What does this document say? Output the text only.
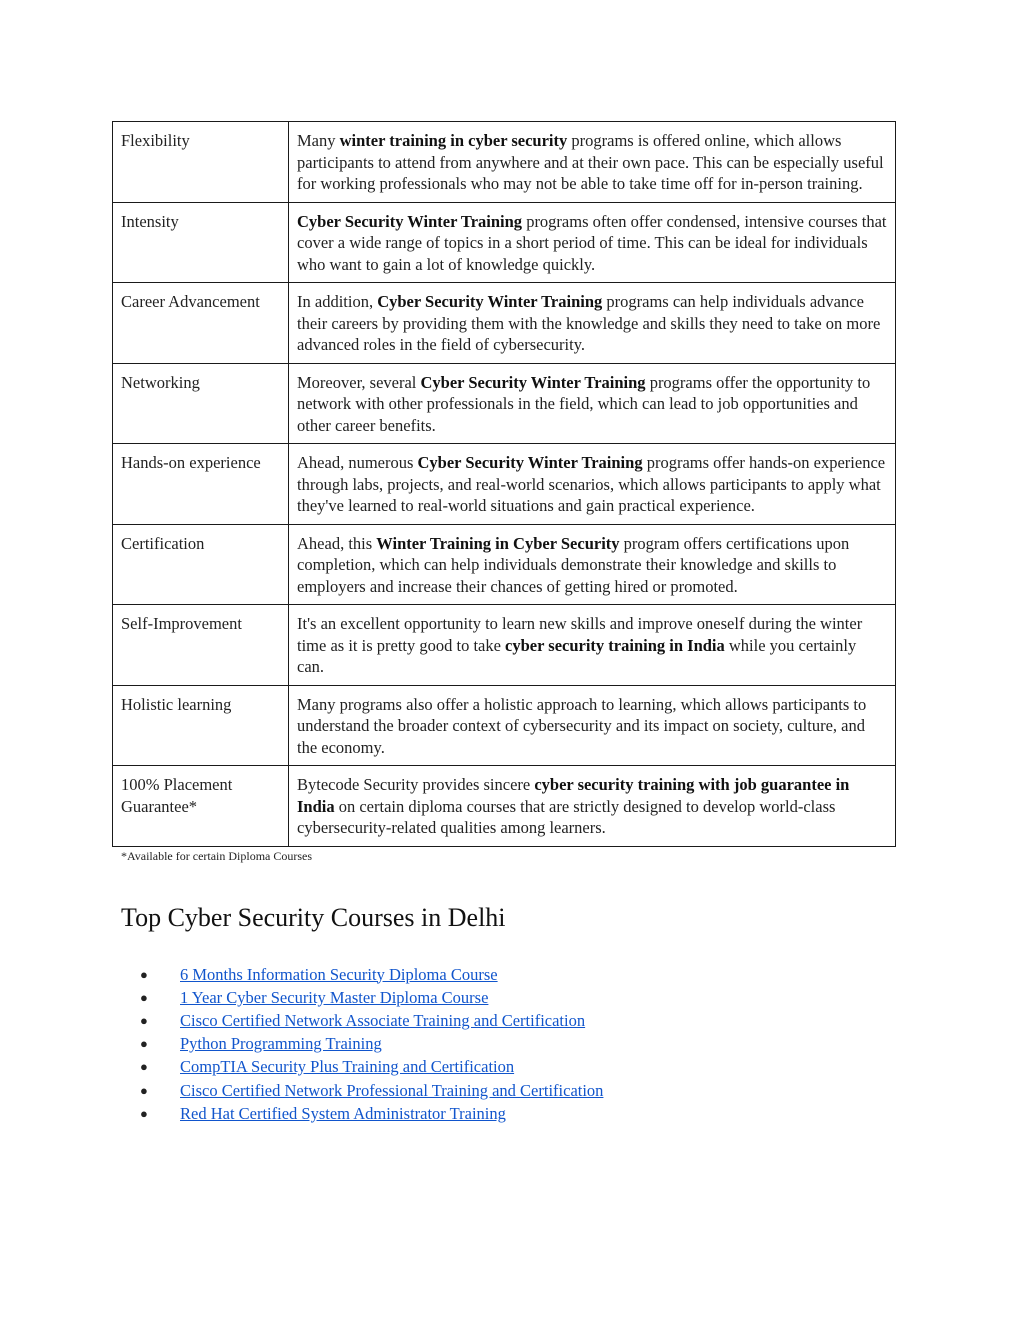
Flexibility	Many winter training in cyber security programs is offered online, which allows participants to attend from anywhere and at their own pace. This can be especially useful for working professionals who may not be able to take time off for in-person training.
Intensity	Cyber Security Winter Training programs often offer condensed, intensive courses that cover a wide range of topics in a short period of time. This can be ideal for individuals who want to gain a lot of knowledge quickly.
Career Advancement	In addition, Cyber Security Winter Training programs can help individuals advance their careers by providing them with the knowledge and skills they need to take on more advanced roles in the field of cybersecurity.
Networking	Moreover, several Cyber Security Winter Training programs offer the opportunity to network with other professionals in the field, which can lead to job opportunities and other career benefits.
Hands-on experience	Ahead, numerous Cyber Security Winter Training programs offer hands-on experience through labs, projects, and real-world scenarios, which allows participants to apply what they've learned to real-world situations and gain practical experience.
Certification	Ahead, this Winter Training in Cyber Security program offers certifications upon completion, which can help individuals demonstrate their knowledge and skills to employers and increase their chances of getting hired or promoted.
Self-Improvement	It's an excellent opportunity to learn new skills and improve oneself during the winter time as it is pretty good to take cyber security training in India while you certainly can.
Holistic learning	Many programs also offer a holistic approach to learning, which allows participants to understand the broader context of cybersecurity and its impact on society, culture, and the economy.
100% Placement Guarantee*	Bytecode Security provides sincere cyber security training with job guarantee in India on certain diploma courses that are strictly designed to develop world-class cybersecurity-related qualities among learners.
*Available for certain Diploma Courses
Top Cyber Security Courses in Delhi
● 6 Months Information Security Diploma Course
● 1 Year Cyber Security Master Diploma Course
● Cisco Certified Network Associate Training and Certification
● Python Programming Training
● CompTIA Security Plus Training and Certification
● Cisco Certified Network Professional Training and Certification
● Red Hat Certified System Administrator Training
